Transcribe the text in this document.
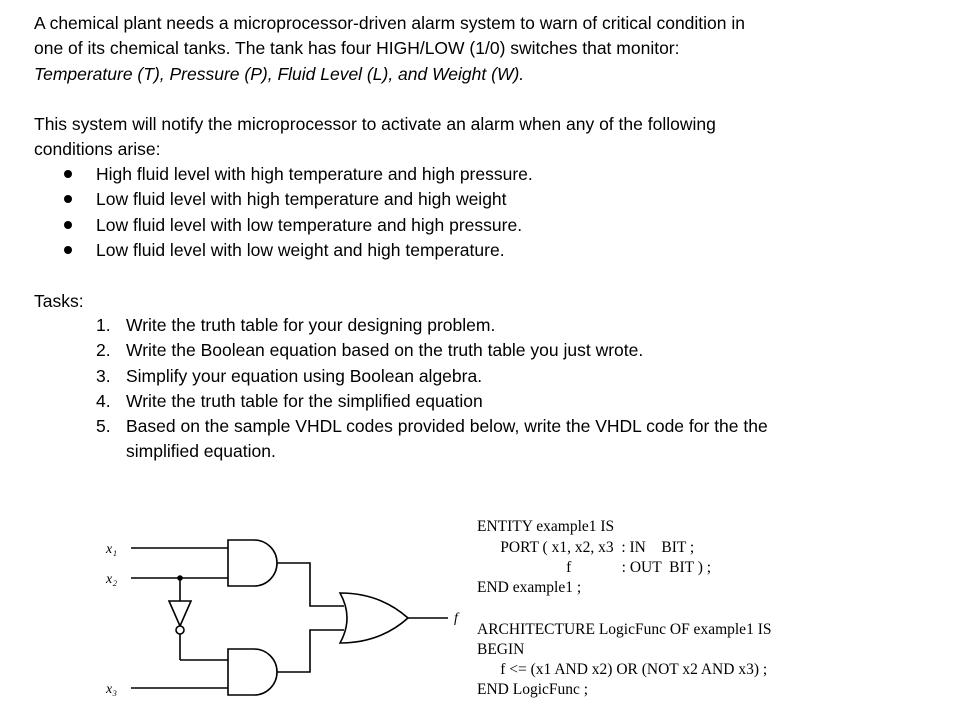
A chemical plant needs a microprocessor-driven alarm system to warn of critical condition in

one of its chemical tanks. The tank has four HIGH/LOW (1/0) switches that monitor:

Temperature (T), Pressure (P), Fluid Level (L), and Weight (W).

This system will notify the microprocessor to activate an alarm when any of the following

conditions arise:

High fluid level with high temperature and high pressure.
Low fluid level with high temperature and high weight
Low fluid level with low temperature and high pressure.
Low fluid level with low weight and high temperature.

Tasks:

1. Write the truth table for your designing problem.
2. Write the Boolean equation based on the truth table you just wrote.
3. Simplify your equation using Boolean algebra.
4. Write the truth table for the simplified equation
5. Based on the sample VHDL codes provided below, write the VHDL code for the the simplified equation.
x₁
x₂
x₃
f
ENTITY example1 IS
PORT ( x1, x2, x3  : IN    BIT ;
f             : OUT  BIT ) ;
END example1 ;
ARCHITECTURE LogicFunc OF example1 IS
BEGIN
f <= (x1 AND x2) OR (NOT x2 AND x3) ;
END LogicFunc ;
